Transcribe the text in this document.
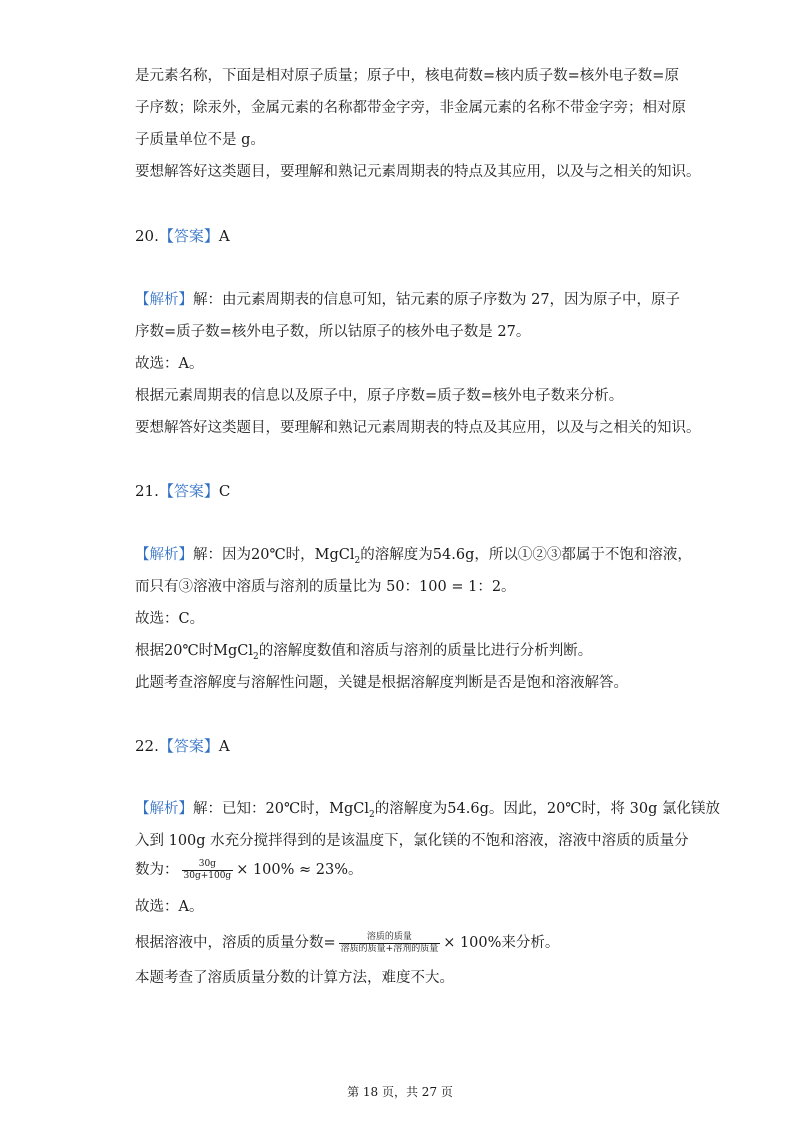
是元素名称，下面是相对原子质量；原子中，核电荷数=核内质子数=核外电子数=原
子序数；除汞外，金属元素的名称都带金字旁，非金属元素的名称不带金字旁；相对原
子质量单位不是 g。
要想解答好这类题目，要理解和熟记元素周期表的特点及其应用，以及与之相关的知识。
20.【答案】A
【解析】解：由元素周期表的信息可知，钴元素的原子序数为 27，因为原子中，原子
序数=质子数=核外电子数，所以钴原子的核外电子数是 27。
故选：A。
根据元素周期表的信息以及原子中，原子序数=质子数=核外电子数来分析。
要想解答好这类题目，要理解和熟记元素周期表的特点及其应用，以及与之相关的知识。
21.【答案】C
【解析】解：因为20℃时，MgCl$_2$的溶解度为54.6g，所以①②③都属于不饱和溶液，
而只有③溶液中溶质与溶剂的质量比为 50：100 = 1：2。
故选：C。
根据20℃时MgCl$_2$的溶解度数值和溶质与溶剂的质量比进行分析判断。
此题考查溶解度与溶解性问题，关键是根据溶解度判断是否是饱和溶液解答。
22.【答案】A
【解析】解：已知：20℃时，MgCl$_2$的溶解度为54.6g。因此，20℃时，将 30g 氯化镁放
入到 100g 水充分搅拌得到的是该温度下，氯化镁的不饱和溶液，溶液中溶质的质量分
数为： $\frac{30g}{30g+100g} \times 100\% \approx 23\%$。
故选：A。
根据溶液中，溶质的质量分数= $\frac{\text{溶质的质量}}{\text{溶质的质量+溶剂的质量}} \times 100\%$来分析。
本题考查了溶质质量分数的计算方法，难度不大。
第 18 页，共 27 页
